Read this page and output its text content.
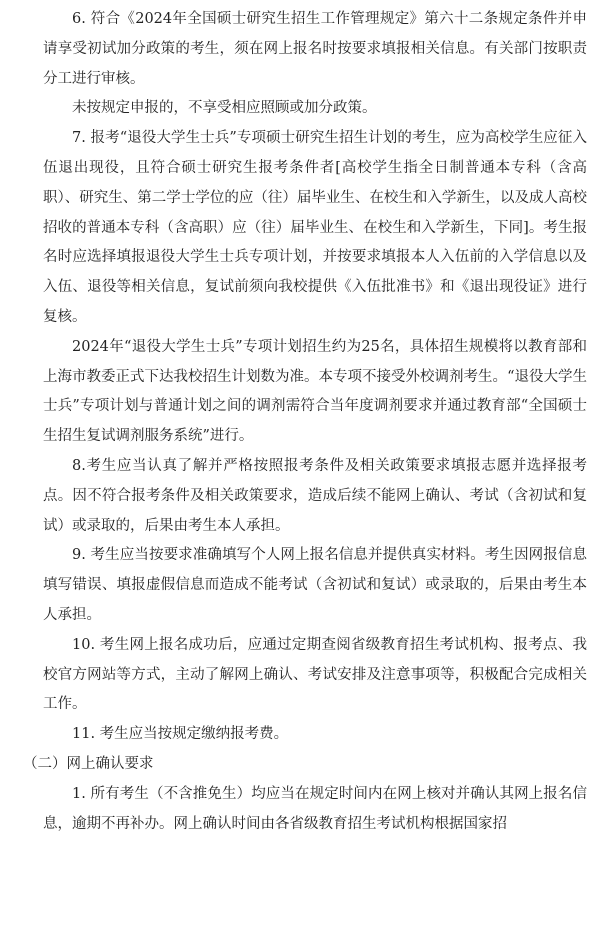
6. 符合《2024年全国硕士研究生招生工作管理规定》第六十二条规定条件并申请享受初试加分政策的考生，须在网上报名时按要求填报相关信息。有关部门按职责分工进行审核。

未按规定申报的，不享受相应照顾或加分政策。

7. 报考“退役大学生士兵”专项硕士研究生招生计划的考生，应为高校学生应征入伍退出现役，且符合硕士研究生报考条件者[高校学生指全日制普通本专科（含高职）、研究生、第二学士学位的应（往）届毕业生、在校生和入学新生，以及成人高校招收的普通本专科（含高职）应（往）届毕业生、在校生和入学新生，下同]。考生报名时应选择填报退役大学生士兵专项计划，并按要求填报本人入伍前的入学信息以及入伍、退役等相关信息，复试前须向我校提供《入伍批准书》和《退出现役证》进行复核。

2024年“退役大学生士兵”专项计划招生约为25名，具体招生规模将以教育部和上海市教委正式下达我校招生计划数为准。本专项不接受外校调剂考生。“退役大学生士兵”专项计划与普通计划之间的调剂需符合当年度调剂要求并通过教育部“全国硕士生招生复试调剂服务系统”进行。

8.考生应当认真了解并严格按照报考条件及相关政策要求填报志愿并选择报考点。因不符合报考条件及相关政策要求，造成后续不能网上确认、考试（含初试和复试）或录取的，后果由考生本人承担。

9. 考生应当按要求准确填写个人网上报名信息并提供真实材料。考生因网报信息填写错误、填报虚假信息而造成不能考试（含初试和复试）或录取的，后果由考生本人承担。

10. 考生网上报名成功后，应通过定期查阅省级教育招生考试机构、报考点、我校官方网站等方式，主动了解网上确认、考试安排及注意事项等，积极配合完成相关工作。

11. 考生应当按规定缴纳报考费。

（二）网上确认要求

1. 所有考生（不含推免生）均应当在规定时间内在网上核对并确认其网上报名信息，逾期不再补办。网上确认时间由各省级教育招生考试机构根据国家招
